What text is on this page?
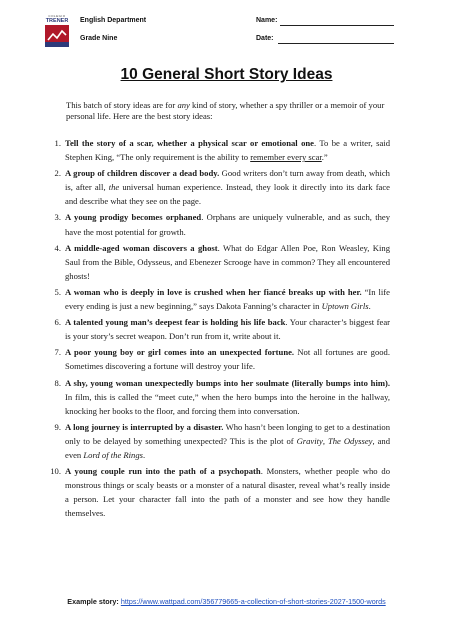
COLEGIO
TRENER	English Department
Grade Nine
Name:
Date:
10 General Short Story Ideas
This batch of story ideas are for any kind of story, whether a spy thriller or a memoir of your personal life. Here are the best story ideas:
1. Tell the story of a scar, whether a physical scar or emotional one. To be a writer, said Stephen King, “The only requirement is the ability to remember every scar.”
2. A group of children discover a dead body. Good writers don’t turn away from death, which is, after all, the universal human experience. Instead, they look it directly into its dark face and describe what they see on the page.
3. A young prodigy becomes orphaned. Orphans are uniquely vulnerable, and as such, they have the most potential for growth.
4. A middle-aged woman discovers a ghost. What do Edgar Allen Poe, Ron Weasley, King Saul from the Bible, Odysseus, and Ebenezer Scrooge have in common? They all encountered ghosts!
5. A woman who is deeply in love is crushed when her fiancé breaks up with her. “In life every ending is just a new beginning,” says Dakota Fanning’s character in Uptown Girls.
6. A talented young man’s deepest fear is holding his life back. Your character’s biggest fear is your story’s secret weapon. Don’t run from it, write about it.
7. A poor young boy or girl comes into an unexpected fortune. Not all fortunes are good. Sometimes discovering a fortune will destroy your life.
8. A shy, young woman unexpectedly bumps into her soulmate (literally bumps into him). In film, this is called the “meet cute,” when the hero bumps into the heroine in the hallway, knocking her books to the floor, and forcing them into conversation.
9. A long journey is interrupted by a disaster. Who hasn’t been longing to get to a destination only to be delayed by something unexpected? This is the plot of Gravity, The Odyssey, and even Lord of the Rings.
10. A young couple run into the path of a psychopath. Monsters, whether people who do monstrous things or scaly beasts or a monster of a natural disaster, reveal what’s really inside a person. Let your character fall into the path of a monster and see how they handle themselves.
Example story: https://www.wattpad.com/356779665-a-collection-of-short-stories-2027-1500-words
